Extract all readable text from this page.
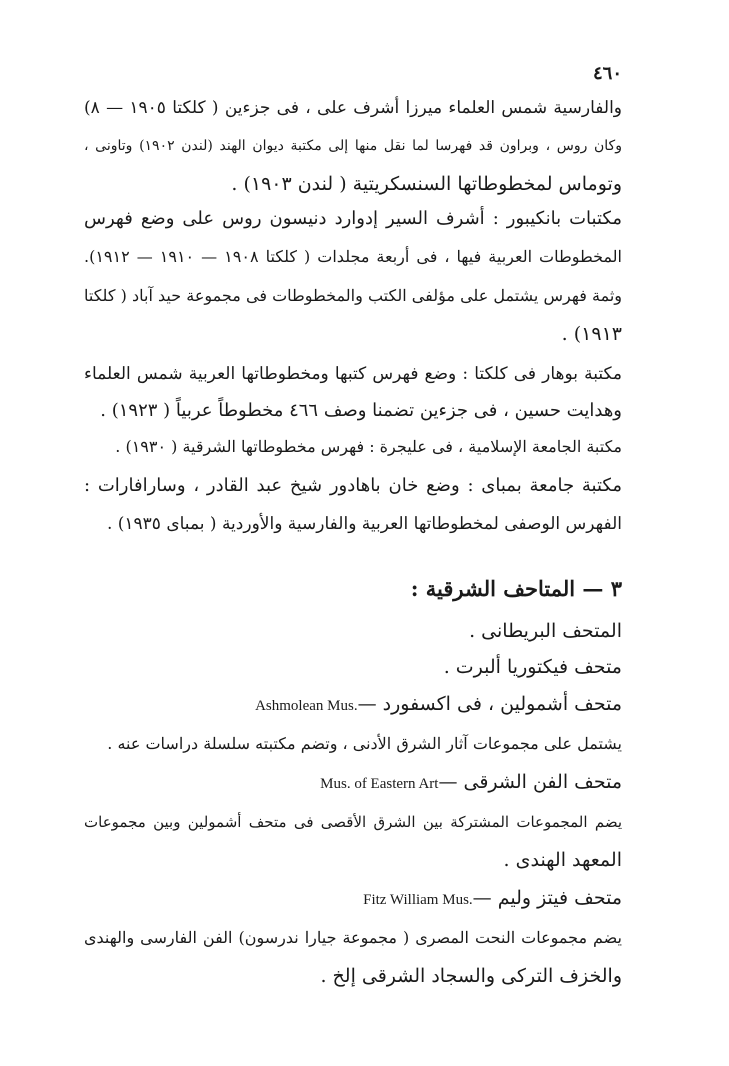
٤٦٠
والفارسية شمس العلماء ميرزا أشرف على ، فى جزءين ( كلكتا ١٩٠٥ — ٨)
وكان روس ، وبراون قد فهرسا لما نقل منها إلى مكتبة ديوان الهند (لندن ١٩٠٢) وتاونى ،
وتوماس لمخطوطاتها السنسكريتية ( لندن ١٩٠٣) .
مكتبات بانكيبور : أشرف السير إدوارد دنيسون روس على وضع فهرس
المخطوطات العربية فيها ، فى أربعة مجلدات ( كلكتا ١٩٠٨ — ١٩١٠ — ١٩١٢).
وثمة فهرس يشتمل على مؤلفى الكتب والمخطوطات فى مجموعة حيد آباد ( كلكتا
. (١٩١٣
مكتبة بوهار فى كلكتا : وضع فهرس كتبها ومخطوطاتها العربية شمس العلماء
وهدايت حسين ، فى جزءين تضمنا وصف ٤٦٦ مخطوطاً عربياً ( ١٩٢٣) .
مكتبة الجامعة الإسلامية ، فى عليجرة : فهرس مخطوطاتها الشرقية ( ١٩٣٠) .
مكتبة جامعة بمباى : وضع خان باهادور شيخ عبد القادر ، وسارافارات :
الفهرس الوصفى لمخطوطاتها العربية والفارسية والأوردية ( بمباى ١٩٣٥) .
٣ — المتاحف الشرقية :
المتحف البريطانى .
متحف فيكتوريا ألبرت .
متحف أشمولين ، فى اكسفورد —Ashmolean Mus.
يشتمل على مجموعات آثار الشرق الأدنى ، وتضم مكتبته سلسلة دراسات عنه .
متحف الفن الشرقى —Mus. of Eastern Art
يضم المجموعات المشتركة بين الشرق الأقصى فى متحف أشمولين وبين مجموعات
المعهد الهندى .
متحف فيتز وليم —Fitz William Mus.
يضم مجموعات النحت المصرى ( مجموعة جيارا ندرسون) الفن الفارسى والهندى
والخزف التركى والسجاد الشرقى إلخ .
